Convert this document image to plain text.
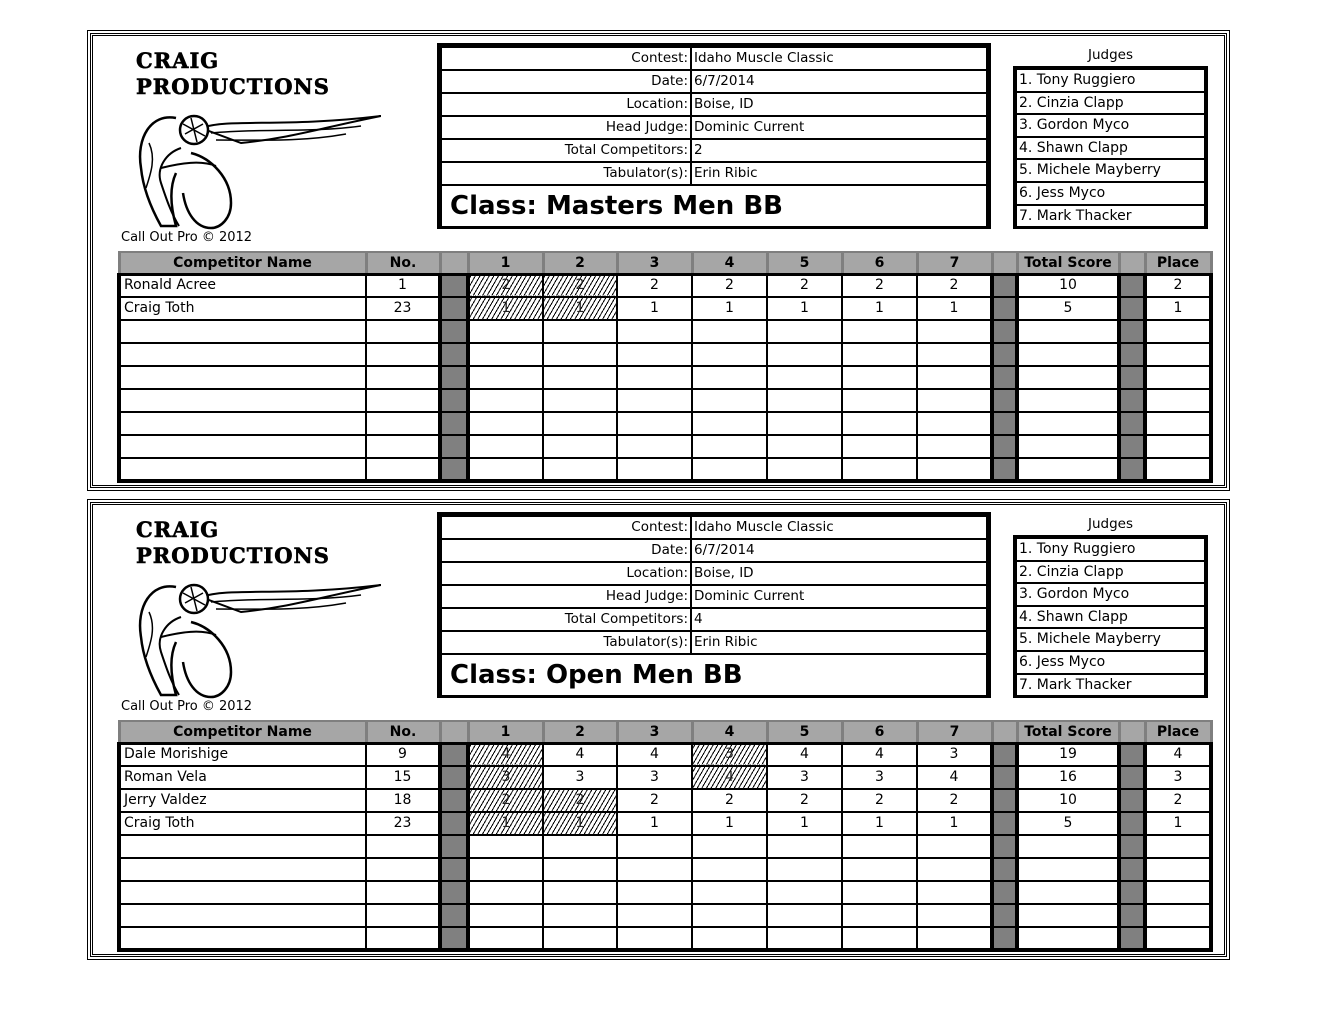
CRAIG
PRODUCTIONS
Call Out Pro © 2012
Contest: Idaho Muscle Classic
Date: 6/7/2014
Location: Boise, ID
Head Judge: Dominic Current
Total Competitors: 2
Tabulator(s): Erin Ribic
Class: Masters Men BB
Judges
1. Tony Ruggiero
2. Cinzia Clapp
3. Gordon Myco
4. Shawn Clapp
5. Michele Mayberry
6. Jess Myco
7. Mark Thacker
Competitor Name	No.		1	2	3	4	5	6	7		Total Score		Place
Ronald Acree	1		2	2	2	2	2	2	2		10		2
Craig Toth	23		1	1	1	1	1	1	1		5		1

CRAIG
PRODUCTIONS
Call Out Pro © 2012
Contest: Idaho Muscle Classic
Date: 6/7/2014
Location: Boise, ID
Head Judge: Dominic Current
Total Competitors: 4
Tabulator(s): Erin Ribic
Class: Open Men BB
Judges
1. Tony Ruggiero
2. Cinzia Clapp
3. Gordon Myco
4. Shawn Clapp
5. Michele Mayberry
6. Jess Myco
7. Mark Thacker
Competitor Name	No.		1	2	3	4	5	6	7		Total Score		Place
Dale Morishige	9		4	4	4	3	4	4	3		19		4
Roman Vela	15		3	3	3	4	3	3	4		16		3
Jerry Valdez	18		2	2	2	2	2	2	2		10		2
Craig Toth	23		1	1	1	1	1	1	1		5		1
